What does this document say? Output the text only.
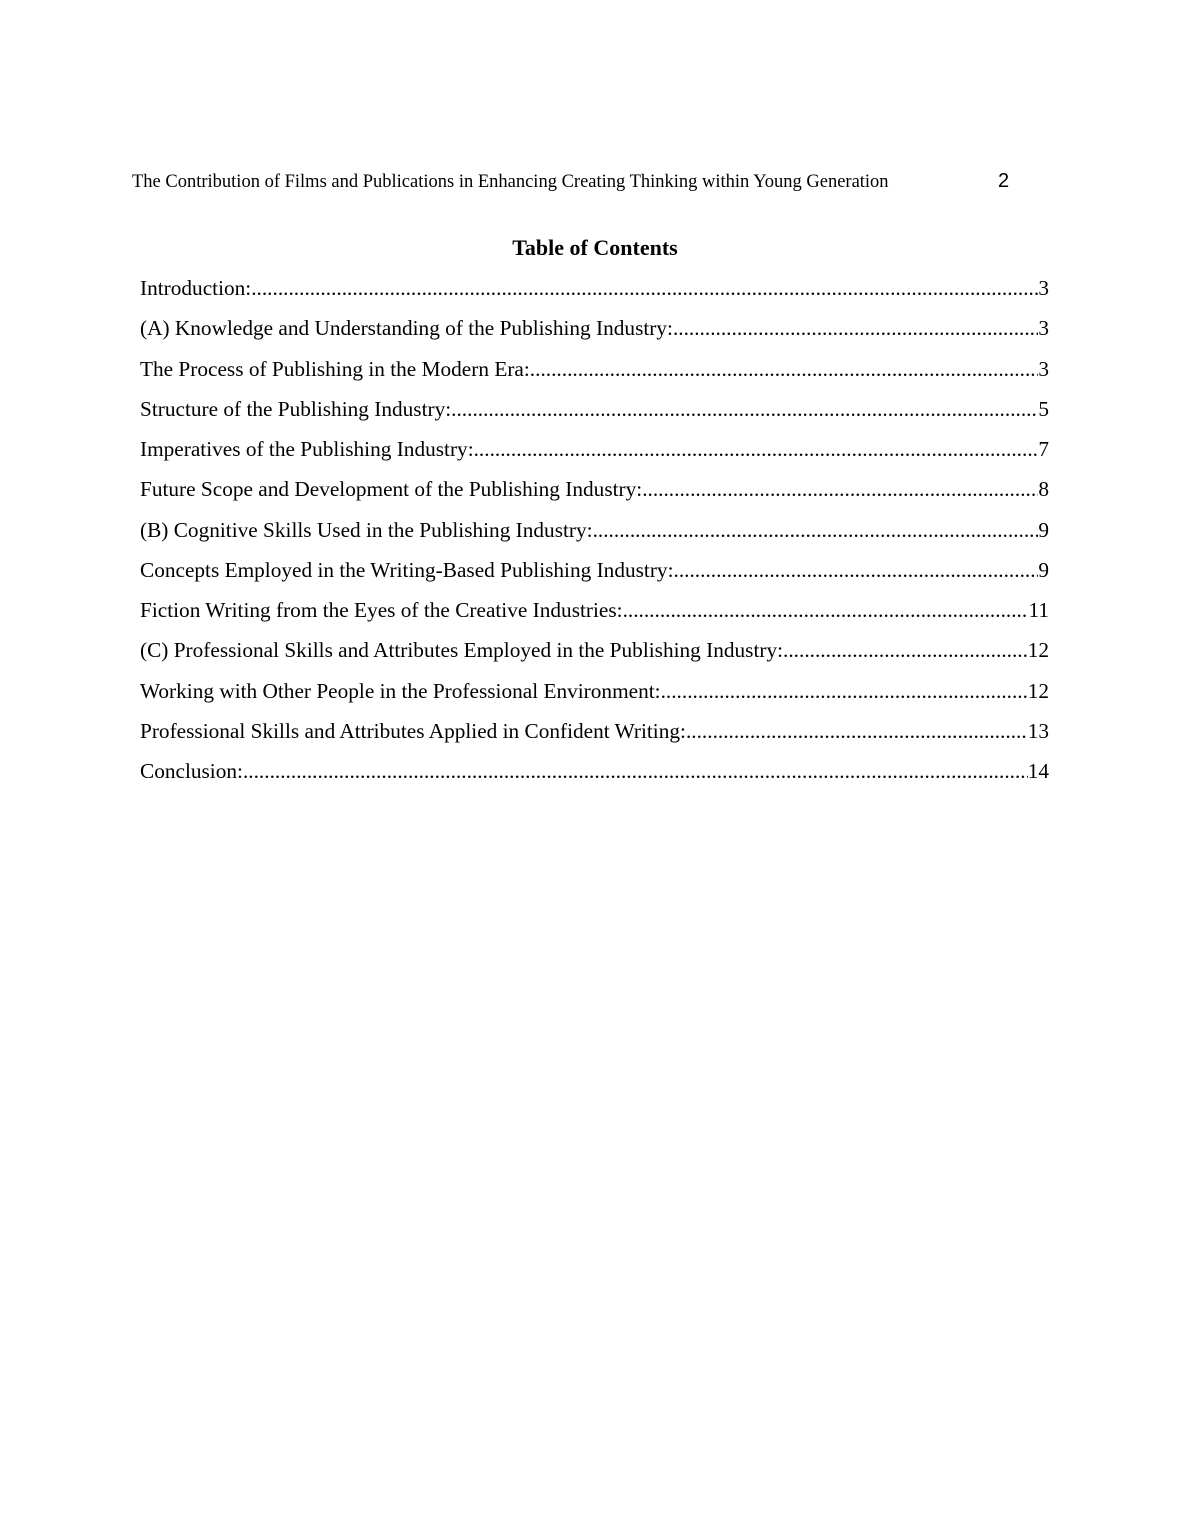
The Contribution of Films and Publications in Enhancing Creating Thinking within Young Generation	2
Table of Contents
Introduction: .....	3
(A) Knowledge and Understanding of the Publishing Industry: .....	3
The Process of Publishing in the Modern Era: .....	3
Structure of the Publishing Industry: .....	5
Imperatives of the Publishing Industry: .....	7
Future Scope and Development of the Publishing Industry: .....	8
(B) Cognitive Skills Used in the Publishing Industry: .....	9
Concepts Employed in the Writing-Based Publishing Industry: .....	9
Fiction Writing from the Eyes of the Creative Industries: .....	11
(C) Professional Skills and Attributes Employed in the Publishing Industry: .....	12
Working with Other People in the Professional Environment: .....	12
Professional Skills and Attributes Applied in Confident Writing: .....	13
Conclusion: .....	14
